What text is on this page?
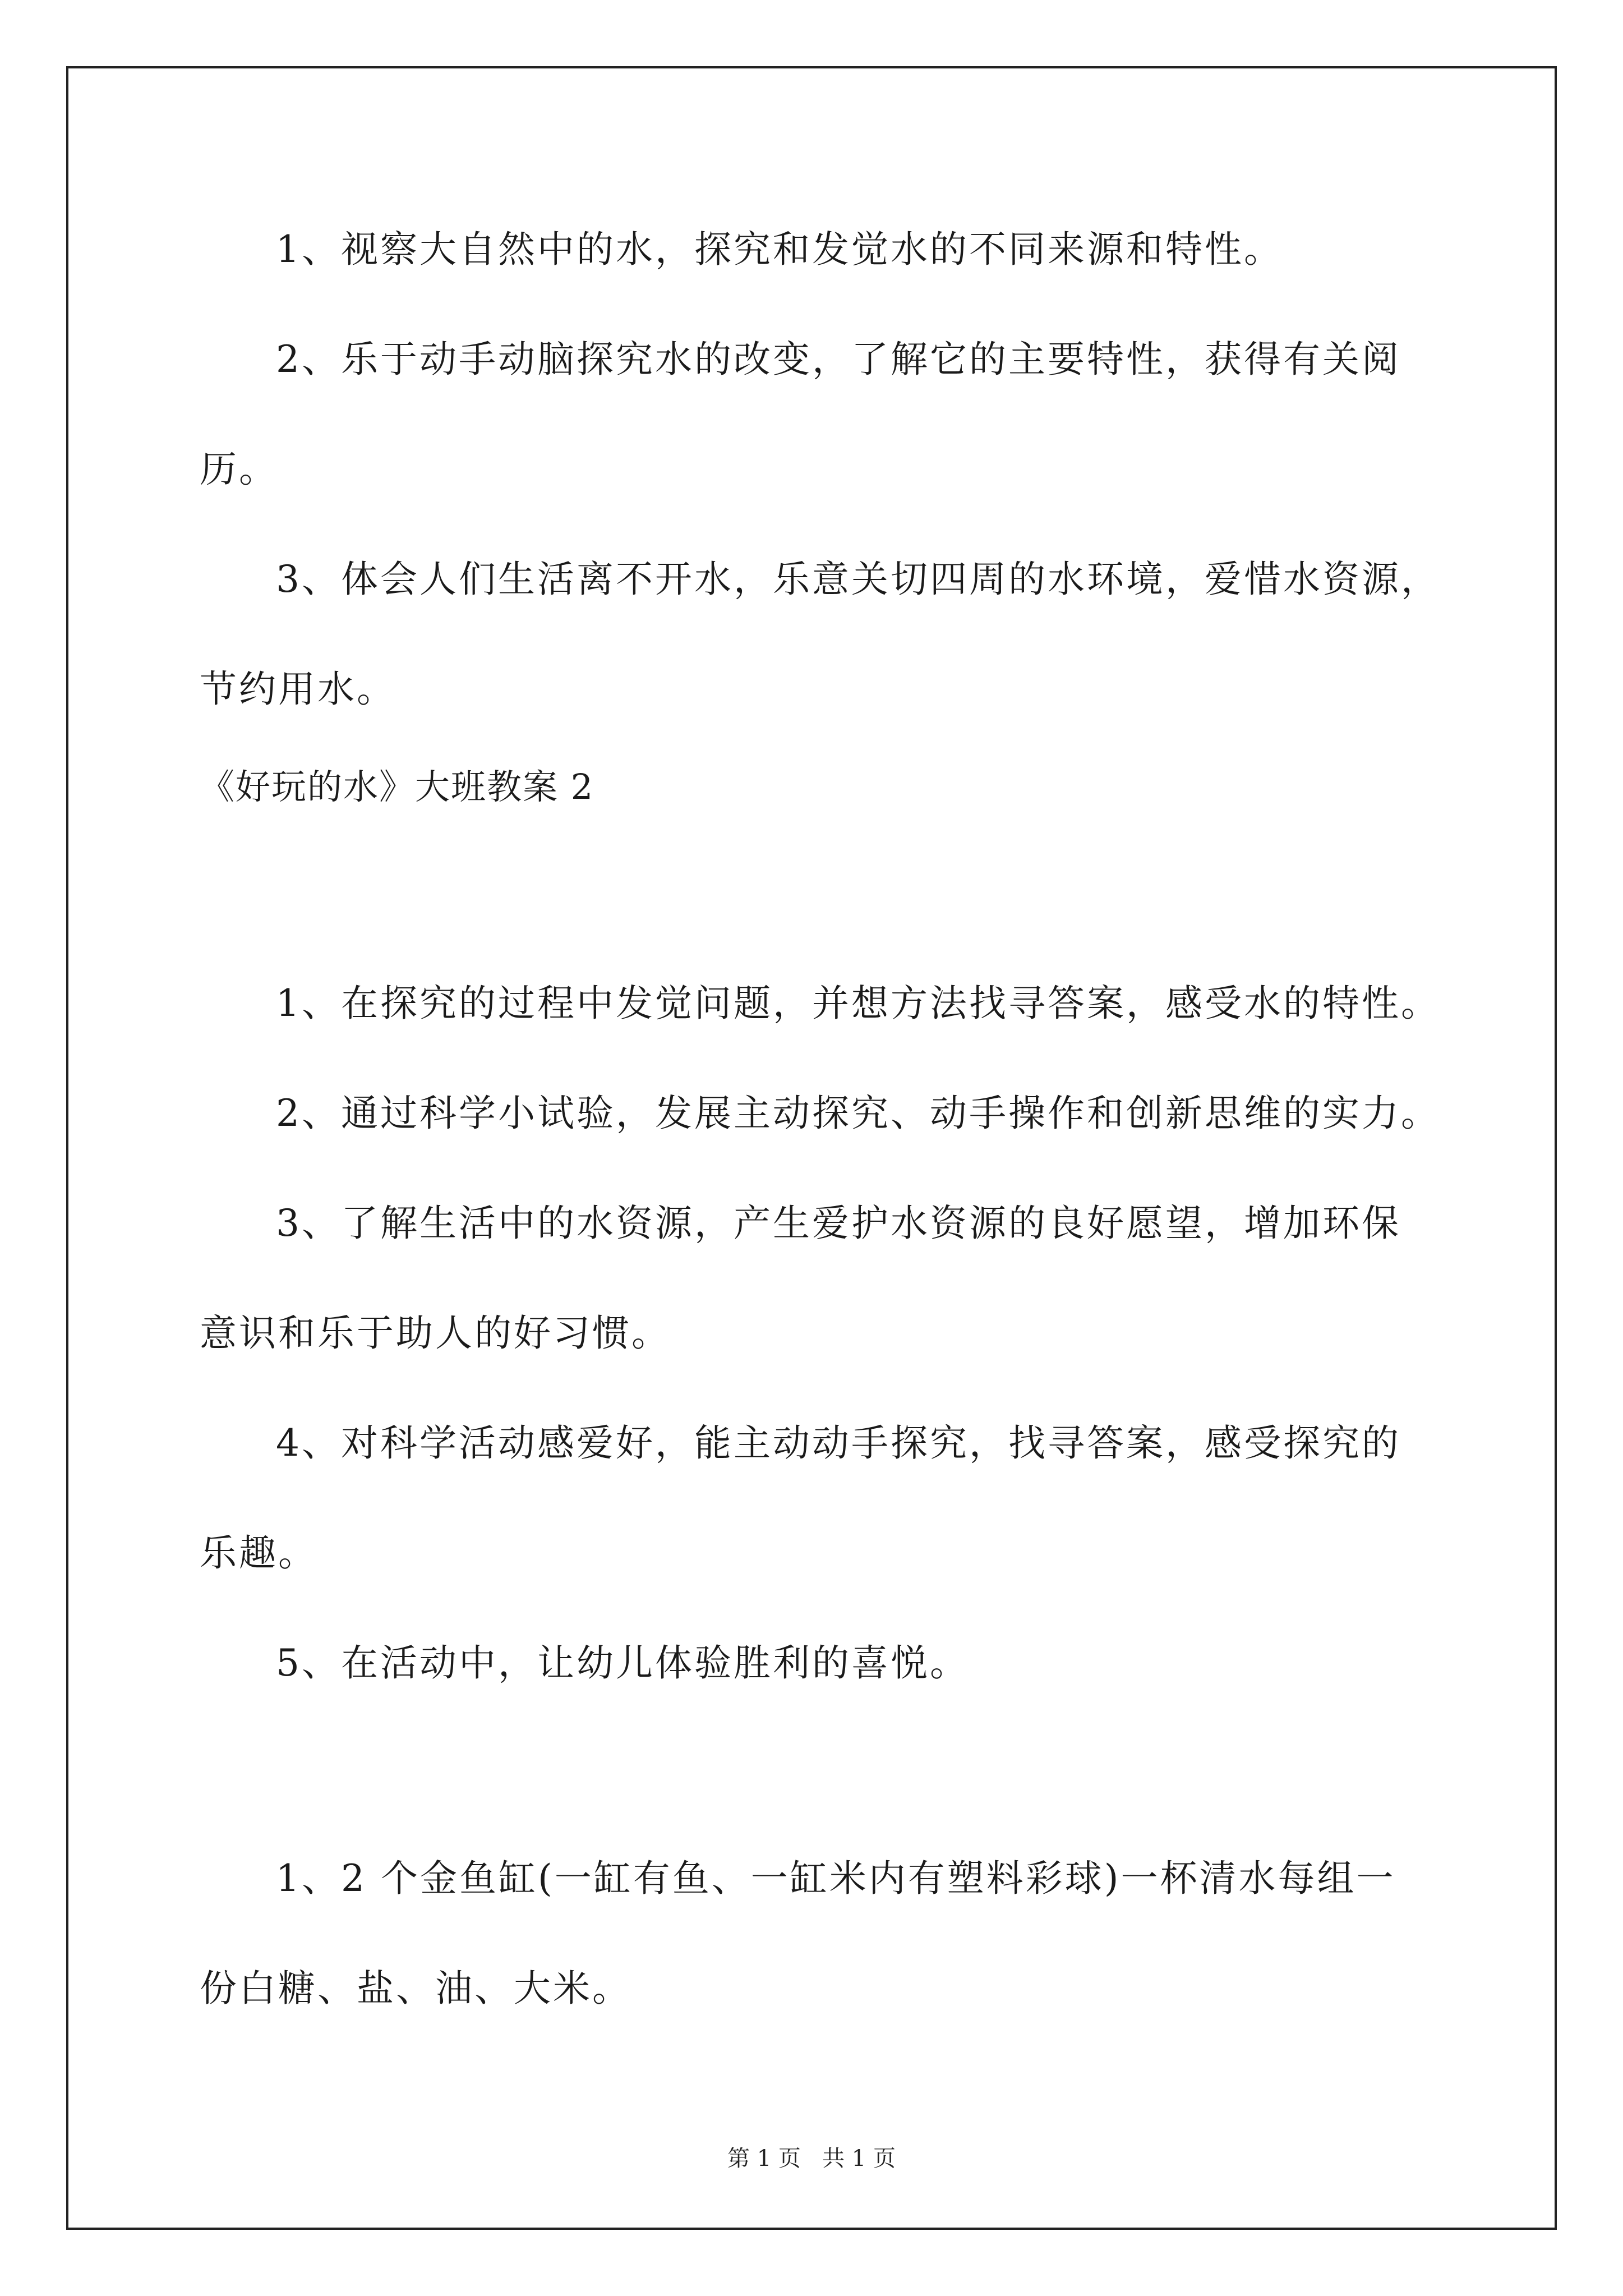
1、视察大自然中的水，探究和发觉水的不同来源和特性。
2、乐于动手动脑探究水的改变，了解它的主要特性，获得有关阅
历。
3、体会人们生活离不开水，乐意关切四周的水环境，爱惜水资源，
节约用水。
《好玩的水》大班教案 2
1、在探究的过程中发觉问题，并想方法找寻答案，感受水的特性。
2、通过科学小试验，发展主动探究、动手操作和创新思维的实力。
3、了解生活中的水资源，产生爱护水资源的良好愿望，增加环保
意识和乐于助人的好习惯。
4、对科学活动感爱好，能主动动手探究，找寻答案，感受探究的
乐趣。
5、在活动中，让幼儿体验胜利的喜悦。
1、2 个金鱼缸(一缸有鱼、一缸米内有塑料彩球)一杯清水每组一
份白糖、盐、油、大米。
第 1 页   共 1 页
